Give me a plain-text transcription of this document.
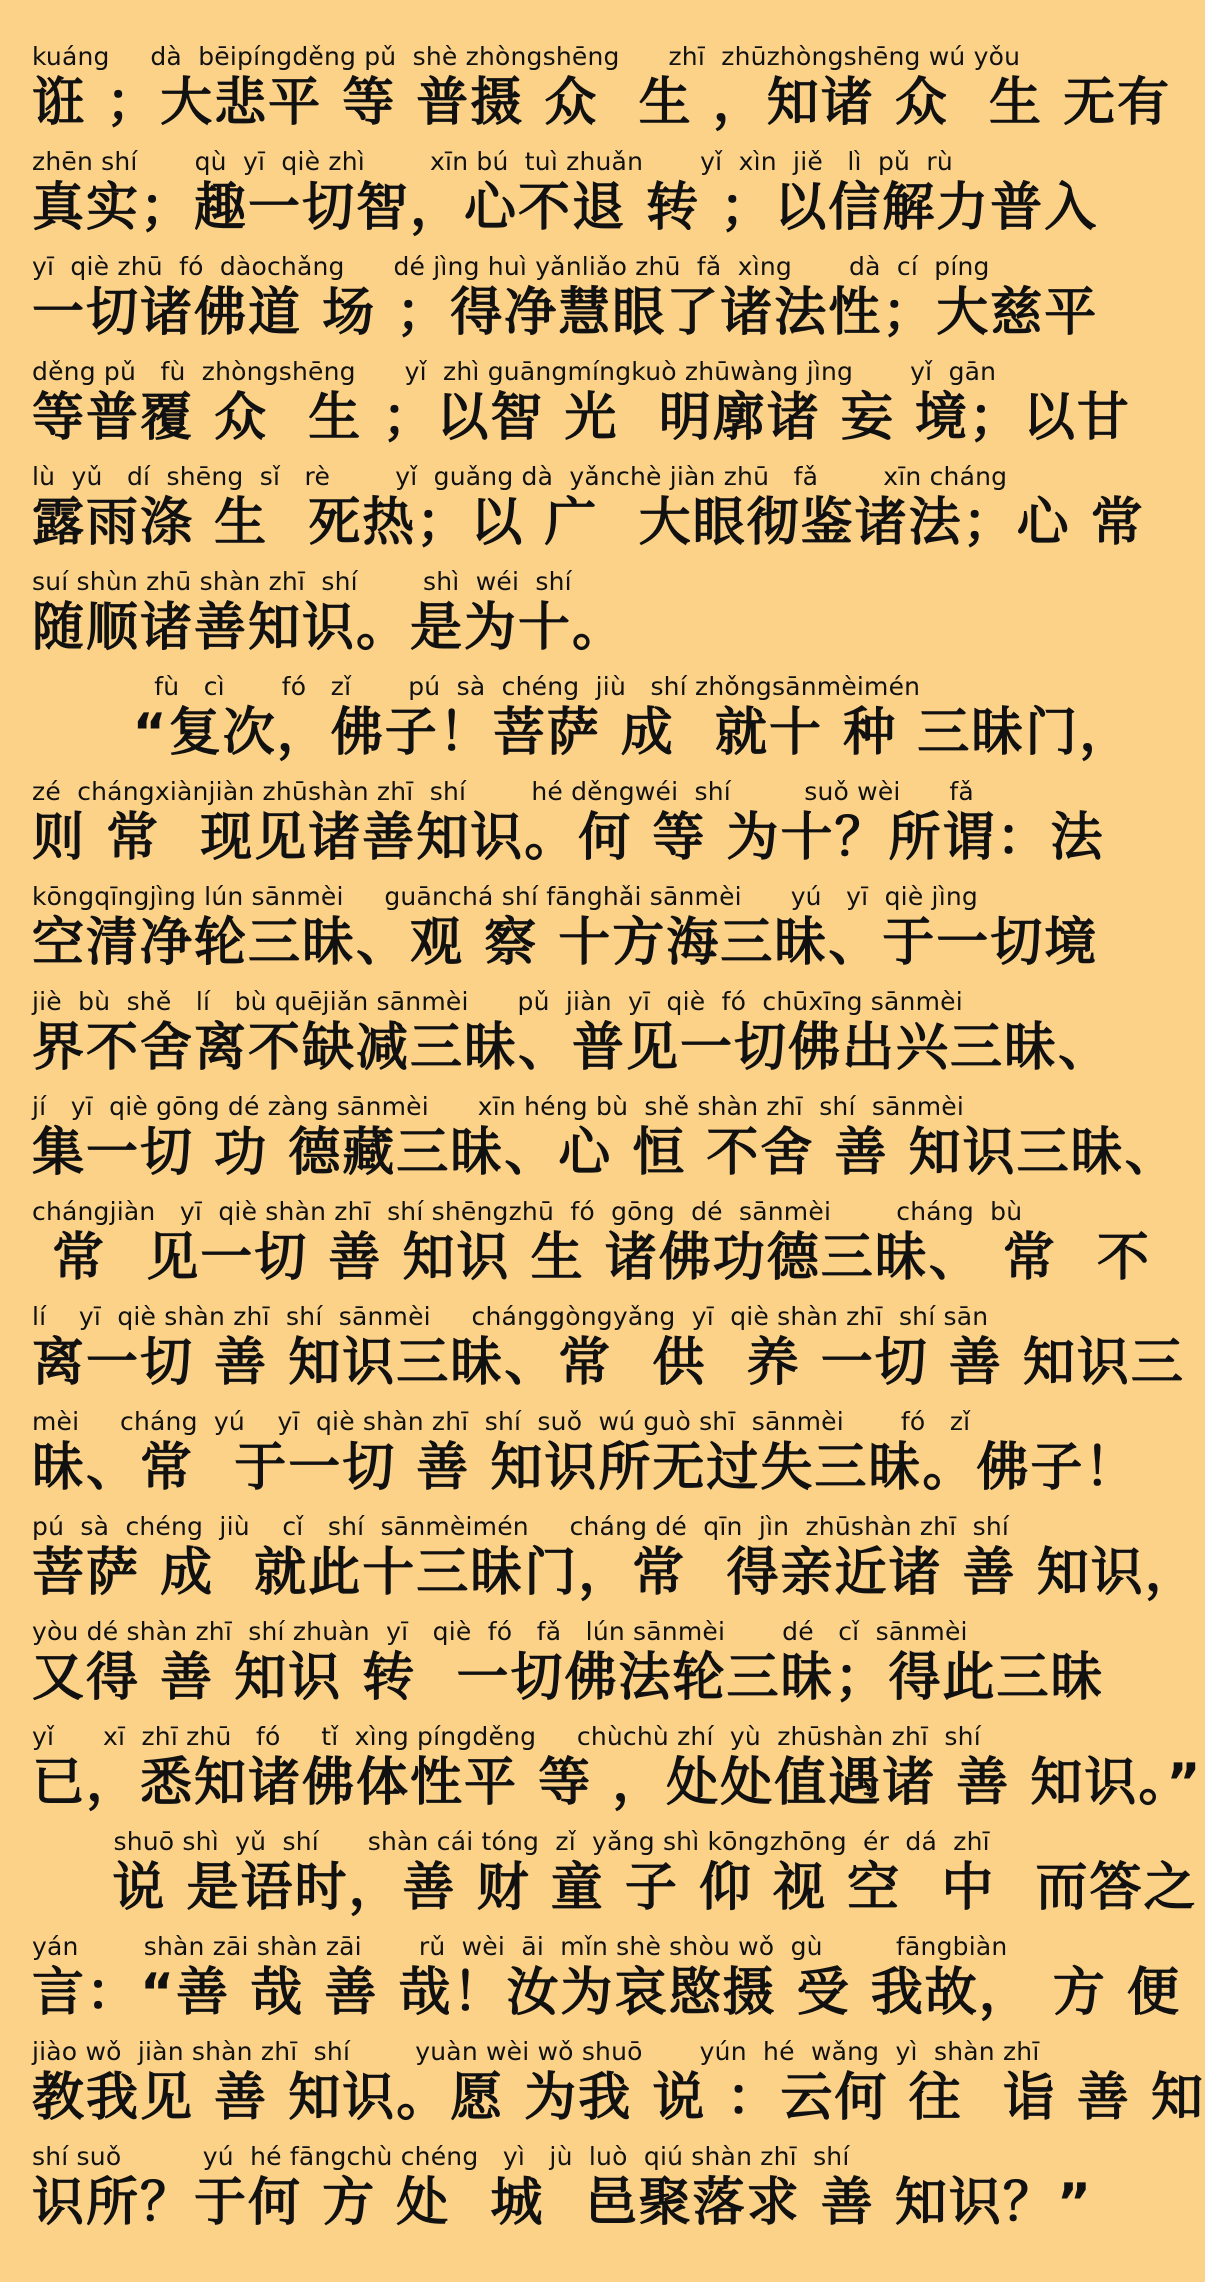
kuáng     dà  bēipíngděng pǔ  shè zhòngshēng      zhī  zhūzhòngshēng wú yǒu
诳 ；大悲平 等 普摄 众  生 ，知诸 众  生 无有
zhēn shí       qù  yī  qiè zhì        xīn bú  tuì zhuǎn       yǐ  xìn  jiě   lì  pǔ  rù
真实；趣一切智，心不退 转 ；以信解力普入
yī  qiè zhū  fó  dàochǎng      dé jìng huì yǎnliǎo zhū  fǎ  xìng       dà  cí  píng
一切诸佛道 场 ；得净慧眼了诸法性；大慈平
děng pǔ   fù  zhòngshēng      yǐ  zhì guāngmíngkuò zhūwàng jìng       yǐ  gān
等普覆 众  生 ；以智 光  明廓诸 妄 境；以甘
lù  yǔ   dí  shēng  sǐ   rè        yǐ  guǎng dà  yǎnchè jiàn zhū   fǎ        xīn cháng
露雨涤 生  死热；以 广  大眼彻鉴诸法；心 常
suí shùn zhū shàn zhī  shí        shì  wéi  shí
随顺诸善知识。是为十。
fù   cì       fó   zǐ       pú  sà  chéng  jiù   shí zhǒngsānmèimén
“复次，佛子！菩萨 成  就十 种 三昧门，
zé  chángxiànjiàn zhūshàn zhī  shí        hé děngwéi  shí         suǒ wèi      fǎ
则 常  现见诸善知识。何 等 为十？所谓：法
kōngqīngjìng lún sānmèi     guānchá shí fānghǎi sānmèi      yú   yī  qiè jìng
空清净轮三昧、观 察 十方海三昧、于一切境
jiè  bù  shě   lí   bù quējiǎn sānmèi      pǔ  jiàn  yī  qiè  fó  chūxīng sānmèi
界不舍离不缺减三昧、普见一切佛出兴三昧、
jí   yī  qiè gōng dé zàng sānmèi      xīn héng bù  shě shàn zhī  shí  sānmèi
集一切 功 德藏三昧、心 恒 不舍 善 知识三昧、
chángjiàn   yī  qiè shàn zhī  shí shēngzhū  fó  gōng  dé  sānmèi        cháng  bù
常  见一切 善 知识 生 诸佛功德三昧、 常  不
lí    yī  qiè shàn zhī  shí  sānmèi     chánggòngyǎng  yī  qiè shàn zhī  shí sān
离一切 善 知识三昧、常  供  养 一切 善 知识三
mèi     cháng  yú    yī  qiè shàn zhī  shí  suǒ  wú guò shī  sānmèi       fó   zǐ
昧、常  于一切 善 知识所无过失三昧。佛子！
pú  sà  chéng  jiù    cǐ   shí  sānmèimén     cháng dé  qīn  jìn  zhūshàn zhī  shí
菩萨 成  就此十三昧门，常  得亲近诸 善 知识，
yòu dé shàn zhī  shí zhuàn  yī   qiè  fó   fǎ   lún sānmèi       dé   cǐ  sānmèi
又得 善 知识 转  一切佛法轮三昧；得此三昧
yǐ      xī  zhī zhū   fó     tǐ  xìng píngděng     chùchù zhí  yù  zhūshàn zhī  shí
已，悉知诸佛体性平 等 ，处处值遇诸 善 知识。”
shuō shì  yǔ  shí      shàn cái tóng  zǐ  yǎng shì kōngzhōng  ér  dá  zhī
说 是语时，善 财 童 子 仰 视 空  中  而答之
yán        shàn zāi shàn zāi       rǔ  wèi  āi  mǐn shè shòu wǒ  gù         fāngbiàn
言：“善 哉 善 哉！汝为哀愍摄 受 我故， 方 便
jiào wǒ  jiàn shàn zhī  shí        yuàn wèi wǒ shuō       yún  hé  wǎng  yì  shàn zhī
教我见 善 知识。愿 为我 说 ：云何 往  诣 善 知
shí suǒ          yú  hé fāngchù chéng   yì   jù  luò  qiú shàn zhī  shí
识所？于何 方 处  城  邑聚落求 善 知识？”
